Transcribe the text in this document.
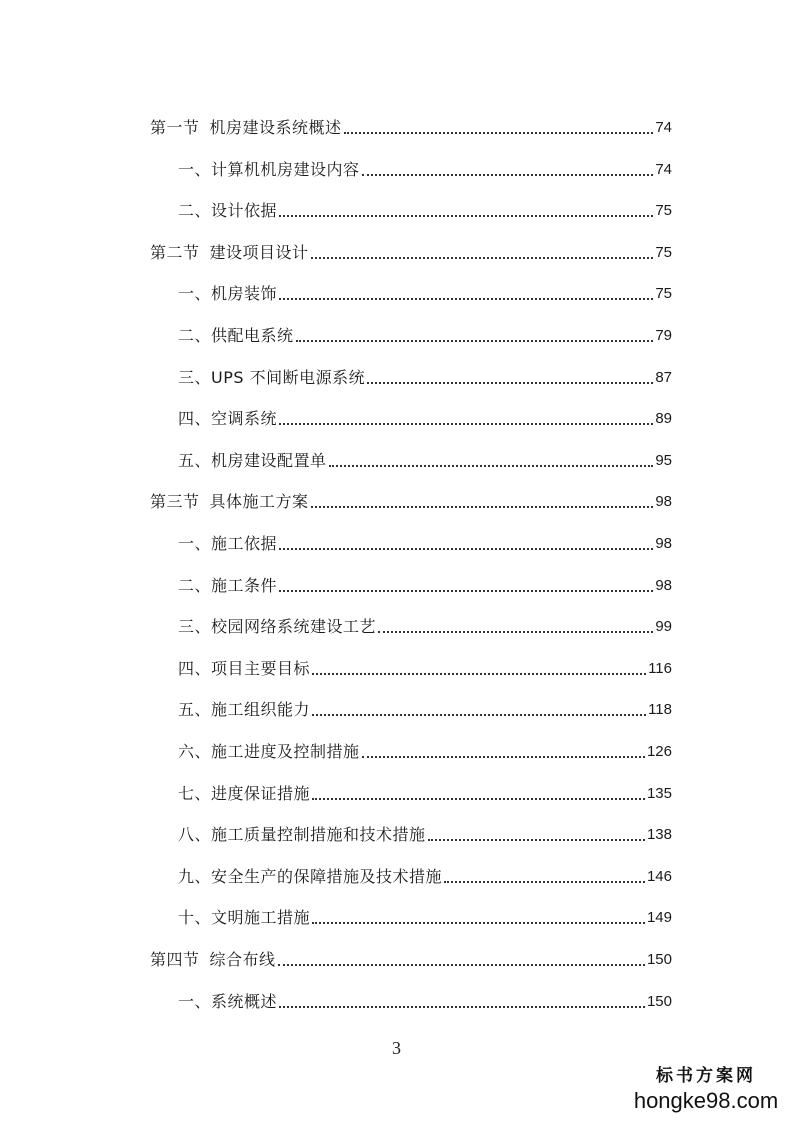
第一节 机房建设系统概述	74
一、计算机机房建设内容	74
二、设计依据	75
第二节 建设项目设计	75
一、机房装饰	75
二、供配电系统	79
三、UPS 不间断电源系统	87
四、空调系统	89
五、机房建设配置单	95
第三节 具体施工方案	98
一、施工依据	98
二、施工条件	98
三、校园网络系统建设工艺	99
四、项目主要目标	116
五、施工组织能力	118
六、施工进度及控制措施	126
七、进度保证措施	135
八、施工质量控制措施和技术措施	138
九、安全生产的保障措施及技术措施	146
十、文明施工措施	149
第四节 综合布线	150
一、系统概述	150
3
标书方案网
hongke98.com
